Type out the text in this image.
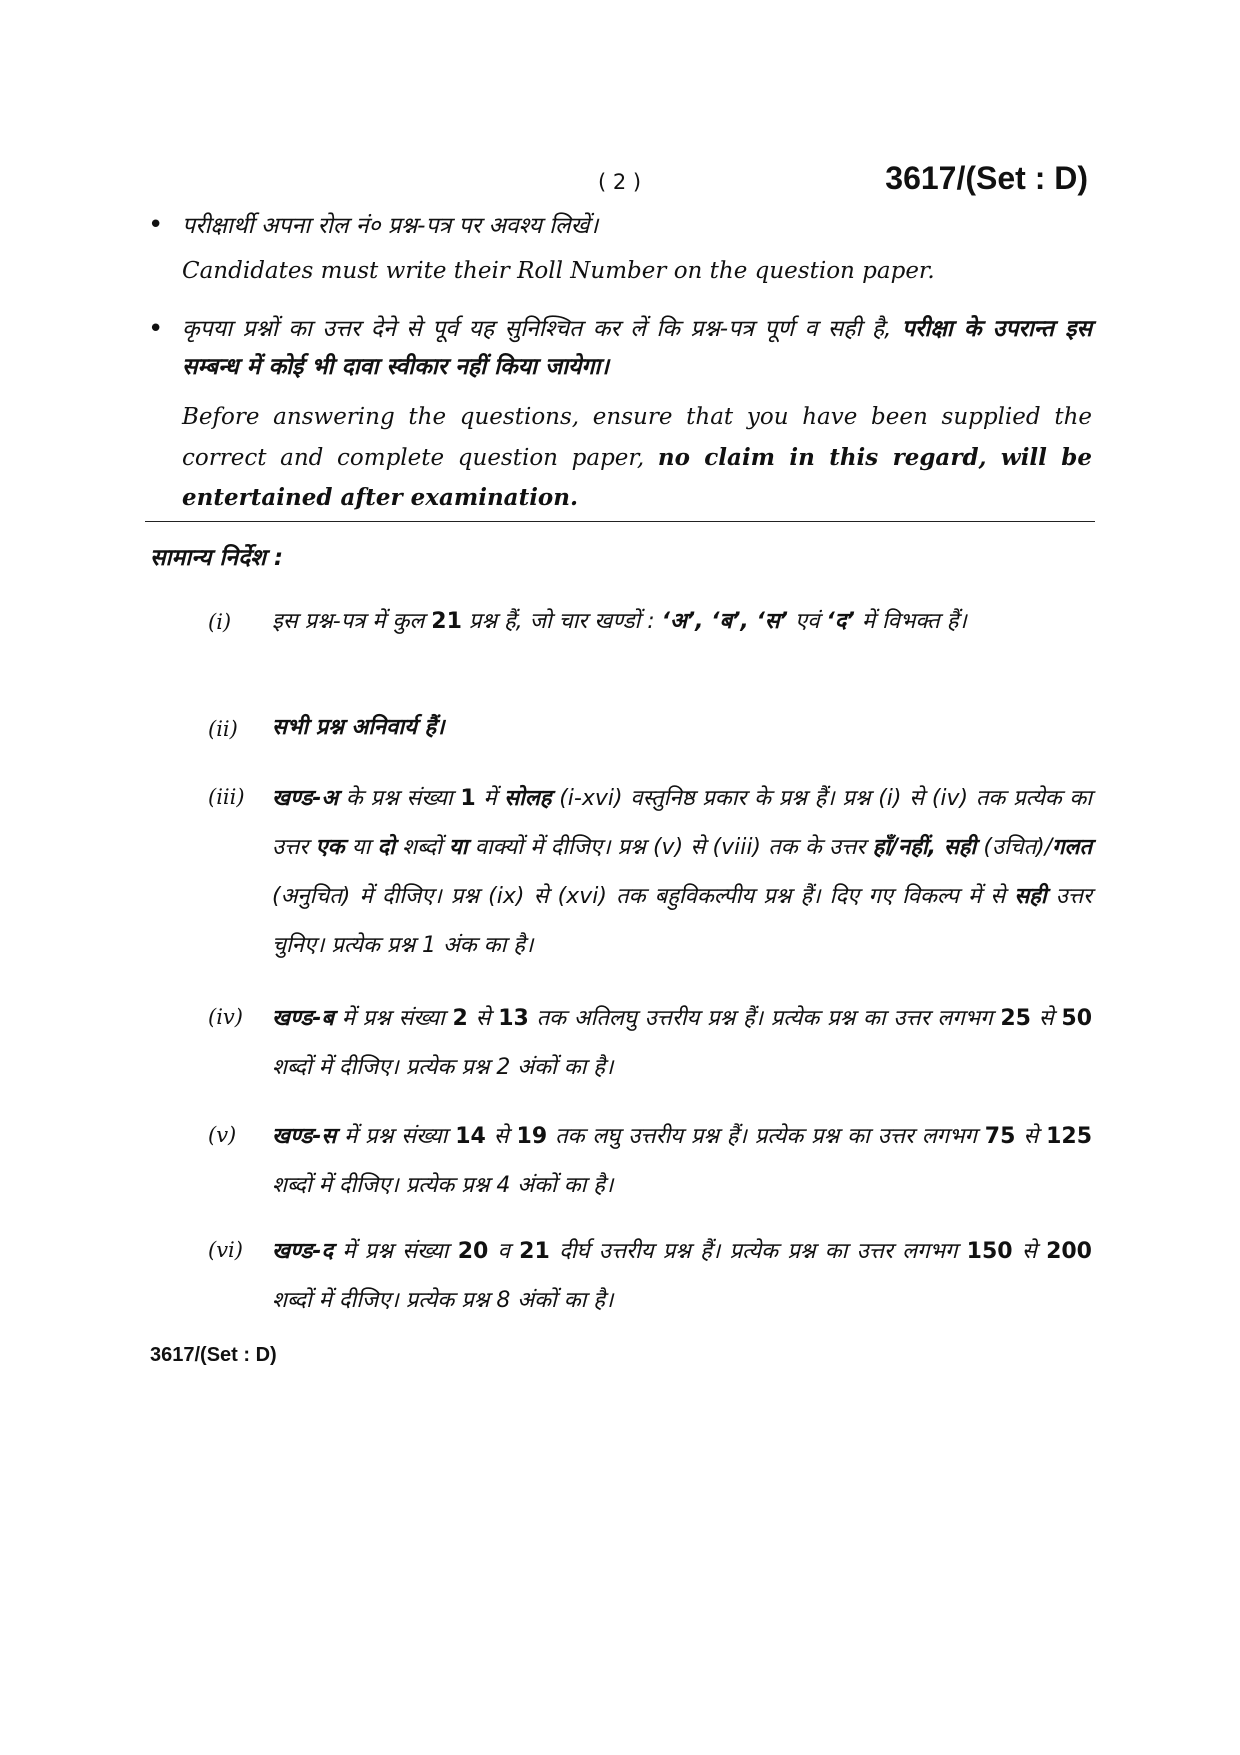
( 2 )	3617/(Set : D)
• परीक्षार्थी अपना रोल नं० प्रश्न-पत्र पर अवश्य लिखें।
Candidates must write their Roll Number on the question paper.
• कृपया प्रश्नों का उत्तर देने से पूर्व यह सुनिश्चित कर लें कि प्रश्न-पत्र पूर्ण व सही है, परीक्षा के उपरान्त इस सम्बन्ध में कोई भी दावा स्वीकार नहीं किया जायेगा।
Before answering the questions, ensure that you have been supplied the correct and complete question paper, no claim in this regard, will be entertained after examination.
सामान्य निर्देश :
(i) इस प्रश्न-पत्र में कुल 21 प्रश्न हैं, जो चार खण्डों : ‘अ’, ‘ब’, ‘स’ एवं ‘द’ में विभक्त हैं।
(ii) सभी प्रश्न अनिवार्य हैं।
(iii) खण्ड-अ के प्रश्न संख्या 1 में सोलह (i-xvi) वस्तुनिष्ठ प्रकार के प्रश्न हैं। प्रश्न (i) से (iv) तक प्रत्येक का उत्तर एक या दो शब्दों या वाक्यों में दीजिए। प्रश्न (v) से (viii) तक के उत्तर हाँ/नहीं, सही (उचित)/गलत (अनुचित) में दीजिए। प्रश्न (ix) से (xvi) तक बहुविकल्पीय प्रश्न हैं। दिए गए विकल्प में से सही उत्तर चुनिए। प्रत्येक प्रश्न 1 अंक का है।
(iv) खण्ड-ब में प्रश्न संख्या 2 से 13 तक अतिलघु उत्तरीय प्रश्न हैं। प्रत्येक प्रश्न का उत्तर लगभग 25 से 50 शब्दों में दीजिए। प्रत्येक प्रश्न 2 अंकों का है।
(v) खण्ड-स में प्रश्न संख्या 14 से 19 तक लघु उत्तरीय प्रश्न हैं। प्रत्येक प्रश्न का उत्तर लगभग 75 से 125 शब्दों में दीजिए। प्रत्येक प्रश्न 4 अंकों का है।
(vi) खण्ड-द में प्रश्न संख्या 20 व 21 दीर्घ उत्तरीय प्रश्न हैं। प्रत्येक प्रश्न का उत्तर लगभग 150 से 200 शब्दों में दीजिए। प्रत्येक प्रश्न 8 अंकों का है।
3617/(Set : D)
